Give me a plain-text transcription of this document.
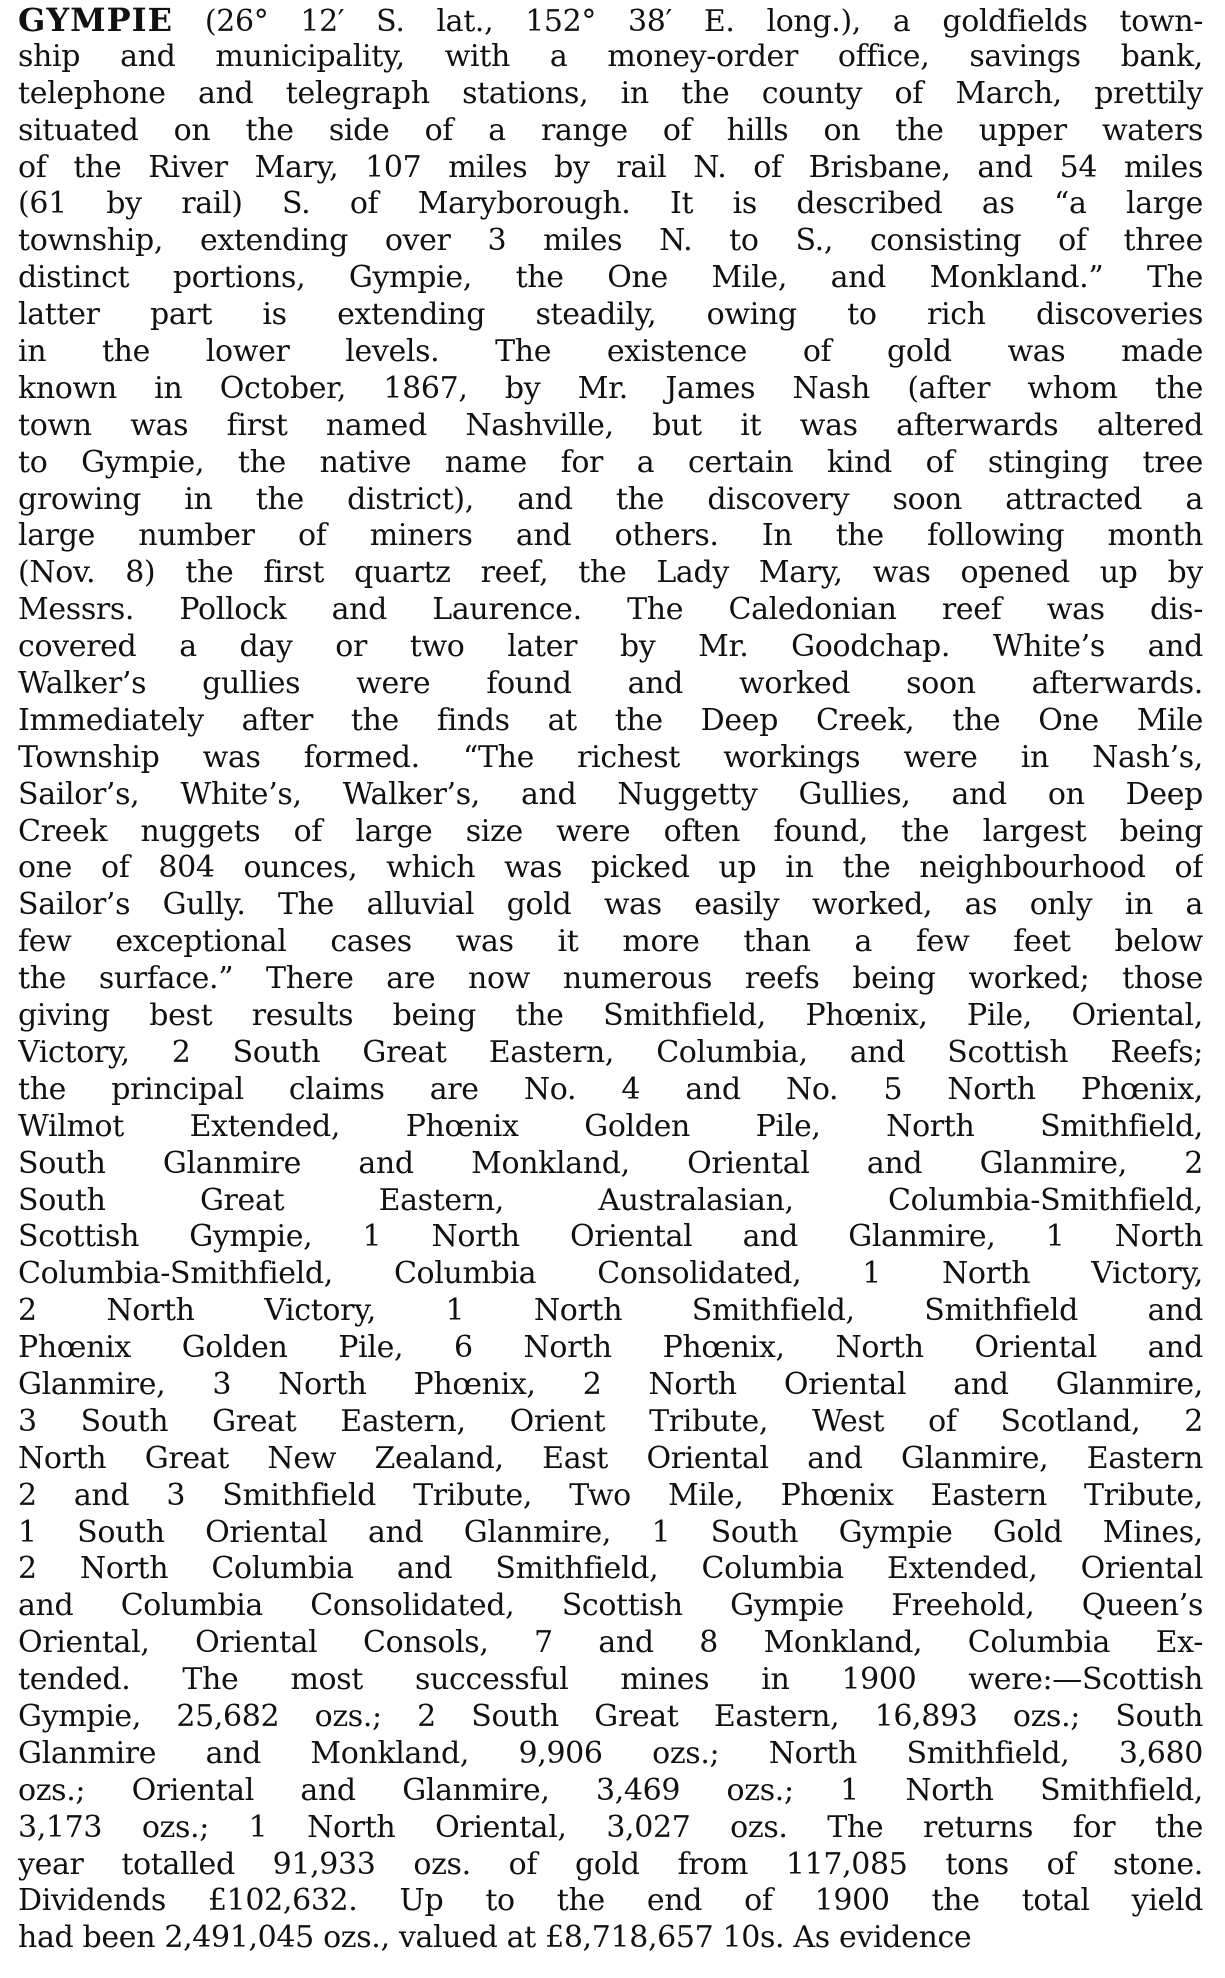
GYMPIE (26° 12′ S. lat., 152° 38′ E. long.), a goldfields town-
ship and municipality, with a money-order office, savings bank,
telephone and telegraph stations, in the county of March, prettily
situated on the side of a range of hills on the upper waters
of the River Mary, 107 miles by rail N. of Brisbane, and 54 miles
(61 by rail) S. of Maryborough. It is described as “a large
township, extending over 3 miles N. to S., consisting of three
distinct portions, Gympie, the One Mile, and Monkland.” The
latter part is extending steadily, owing to rich discoveries
in the lower levels. The existence of gold was made
known in October, 1867, by Mr. James Nash (after whom the
town was first named Nashville, but it was afterwards altered
to Gympie, the native name for a certain kind of stinging tree
growing in the district), and the discovery soon attracted a
large number of miners and others. In the following month
(Nov. 8) the first quartz reef, the Lady Mary, was opened up by
Messrs. Pollock and Laurence. The Caledonian reef was dis-
covered a day or two later by Mr. Goodchap. White’s and
Walker’s gullies were found and worked soon afterwards.
Immediately after the finds at the Deep Creek, the One Mile
Township was formed. “The richest workings were in Nash’s,
Sailor’s, White’s, Walker’s, and Nuggetty Gullies, and on Deep
Creek nuggets of large size were often found, the largest being
one of 804 ounces, which was picked up in the neighbourhood of
Sailor’s Gully. The alluvial gold was easily worked, as only in a
few exceptional cases was it more than a few feet below
the surface.” There are now numerous reefs being worked; those
giving best results being the Smithfield, Phœnix, Pile, Oriental,
Victory, 2 South Great Eastern, Columbia, and Scottish Reefs;
the principal claims are No. 4 and No. 5 North Phœnix,
Wilmot Extended, Phœnix Golden Pile, North Smithfield,
South Glanmire and Monkland, Oriental and Glanmire, 2
South Great Eastern, Australasian, Columbia-Smithfield,
Scottish Gympie, 1 North Oriental and Glanmire, 1 North
Columbia-Smithfield, Columbia Consolidated, 1 North Victory,
2 North Victory, 1 North Smithfield, Smithfield and
Phœnix Golden Pile, 6 North Phœnix, North Oriental and
Glanmire, 3 North Phœnix, 2 North Oriental and Glanmire,
3 South Great Eastern, Orient Tribute, West of Scotland, 2
North Great New Zealand, East Oriental and Glanmire, Eastern
2 and 3 Smithfield Tribute, Two Mile, Phœnix Eastern Tribute,
1 South Oriental and Glanmire, 1 South Gympie Gold Mines,
2 North Columbia and Smithfield, Columbia Extended, Oriental
and Columbia Consolidated, Scottish Gympie Freehold, Queen’s
Oriental, Oriental Consols, 7 and 8 Monkland, Columbia Ex-
tended. The most successful mines in 1900 were:—Scottish
Gympie, 25,682 ozs.; 2 South Great Eastern, 16,893 ozs.; South
Glanmire and Monkland, 9,906 ozs.; North Smithfield, 3,680
ozs.; Oriental and Glanmire, 3,469 ozs.; 1 North Smithfield,
3,173 ozs.; 1 North Oriental, 3,027 ozs. The returns for the
year totalled 91,933 ozs. of gold from 117,085 tons of stone.
Dividends £102,632. Up to the end of 1900 the total yield
had been 2,491,045 ozs., valued at £8,718,657 10s. As evidence
